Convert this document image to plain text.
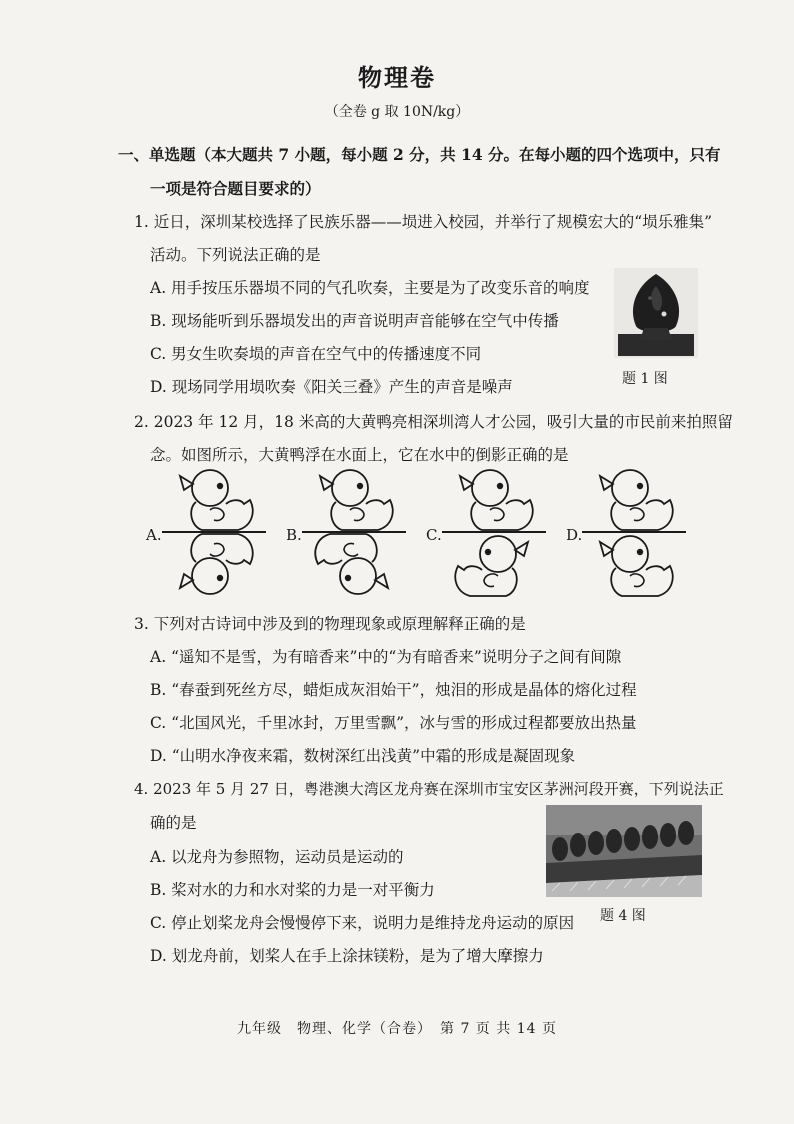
物理卷
（全卷 g 取 10N/kg）
一、单选题（本大题共 7 小题，每小题 2 分，共 14 分。在每小题的四个选项中，只有
一项是符合题目要求的）
1. 近日，深圳某校选择了民族乐器——埙进入校园，并举行了规模宏大的“埙乐雅集”
活动。下列说法正确的是
A. 用手按压乐器埙不同的气孔吹奏，主要是为了改变乐音的响度
B. 现场能听到乐器埙发出的声音说明声音能够在空气中传播
C. 男女生吹奏埙的声音在空气中的传播速度不同
D. 现场同学用埙吹奏《阳关三叠》产生的声音是噪声	题 1 图
2. 2023 年 12 月，18 米高的大黄鸭亮相深圳湾人才公园，吸引大量的市民前来拍照留
念。如图所示，大黄鸭浮在水面上，它在水中的倒影正确的是
A.	B.	C.	D.
3. 下列对古诗词中涉及到的物理现象或原理解释正确的是
A. “遥知不是雪，为有暗香来”中的“为有暗香来”说明分子之间有间隙
B. “春蚕到死丝方尽，蜡炬成灰泪始干”，烛泪的形成是晶体的熔化过程
C. “北国风光，千里冰封，万里雪飘”，冰与雪的形成过程都要放出热量
D. “山明水净夜来霜，数树深红出浅黄”中霜的形成是凝固现象
4. 2023 年 5 月 27 日，粤港澳大湾区龙舟赛在深圳市宝安区茅洲河段开赛，下列说法正
确的是
A. 以龙舟为参照物，运动员是运动的
B. 桨对水的力和水对桨的力是一对平衡力
C. 停止划桨龙舟会慢慢停下来，说明力是维持龙舟运动的原因
D. 划龙舟前，划桨人在手上涂抹镁粉，是为了增大摩擦力
题 4 图
九年级　物理、化学（合卷）　第 7 页 共 14 页
